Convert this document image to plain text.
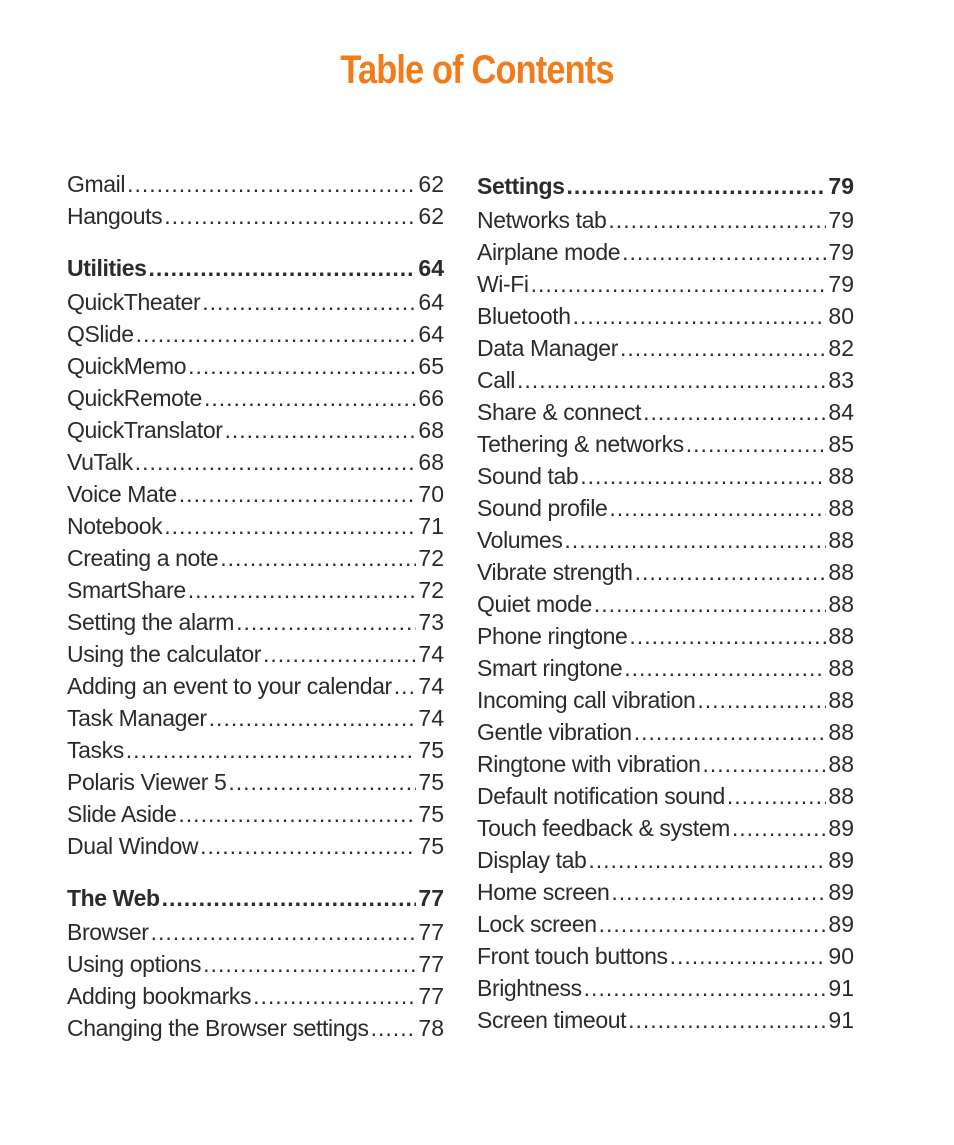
Table of Contents
Gmail .....	62
Hangouts .....	62
Utilities .....	64
QuickTheater .....	64
QSlide .....	64
QuickMemo .....	65
QuickRemote .....	66
QuickTranslator .....	68
VuTalk .....	68
Voice Mate .....	70
Notebook .....	71
Creating a note .....	72
SmartShare .....	72
Setting the alarm .....	73
Using the calculator .....	74
Adding an event to your calendar ..... 74
Task Manager .....	74
Tasks .....	75
Polaris Viewer 5 .....	75
Slide Aside .....	75
Dual Window .....	75
The Web .....	77
Browser .....	77
Using options .....	77
Adding bookmarks .....	77
Changing the Browser settings ..... 78
Settings .....	79
Networks tab .....	79
Airplane mode .....	79
Wi-Fi .....	79
Bluetooth .....	80
Data Manager .....	82
Call .....	83
Share & connect .....	84
Tethering & networks .....	85
Sound tab .....	88
Sound profile .....	88
Volumes .....	88
Vibrate strength .....	88
Quiet mode .....	88
Phone ringtone .....	88
Smart ringtone .....	88
Incoming call vibration .....	88
Gentle vibration .....	88
Ringtone with vibration .....	88
Default notification sound .....	88
Touch feedback & system .....	89
Display tab .....	89
Home screen .....	89
Lock screen .....	89
Front touch buttons .....	90
Brightness .....	91
Screen timeout .....	91
